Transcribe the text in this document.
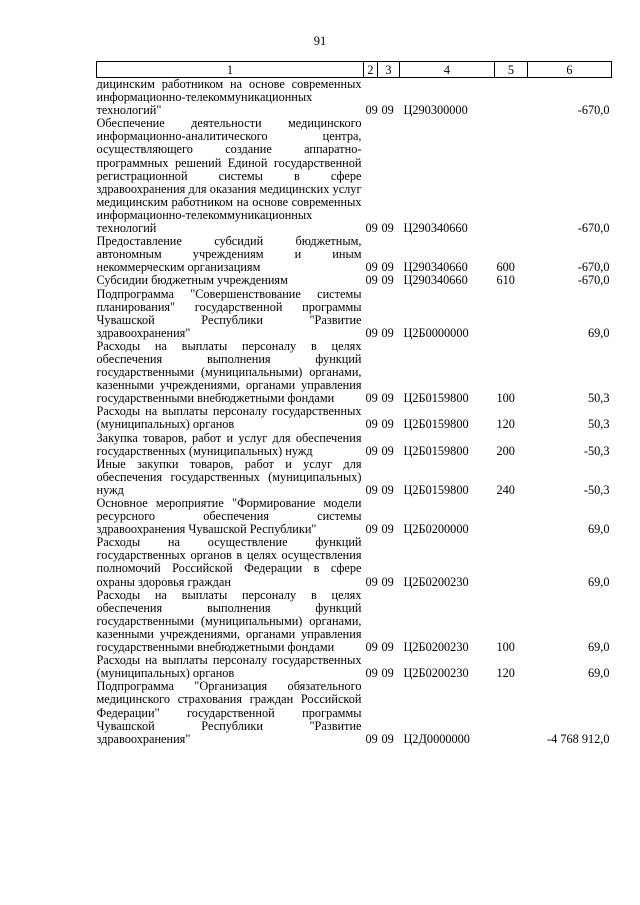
91
1	2	3	4	5	6
дицинским работником на основе современных информационно-телекоммуникационных технологий"	09	09	Ц290300000		-670,0
Обеспечение деятельности медицинского информационно-аналитического центра, осуществляющего создание аппаратно-программных решений Единой государственной регистрационной системы в сфере здравоохранения для оказания медицинских услуг медицинским работником на основе современных информационно-телекоммуникационных технологий	09	09	Ц290340660		-670,0
Предоставление субсидий бюджетным, автономным учреждениям и иным некоммерческим организациям	09	09	Ц290340660	600	-670,0
Субсидии бюджетным учреждениям	09	09	Ц290340660	610	-670,0
Подпрограмма "Совершенствование системы планирования" государственной программы Чувашской Республики "Развитие здравоохранения"	09	09	Ц2Б0000000		69,0
Расходы на выплаты персоналу в целях обеспечения выполнения функций государственными (муниципальными) органами, казенными учреждениями, органами управления государственными внебюджетными фондами	09	09	Ц2Б0159800	100	50,3
Расходы на выплаты персоналу государственных (муниципальных) органов	09	09	Ц2Б0159800	120	50,3
Закупка товаров, работ и услуг для обеспечения государственных (муниципальных) нужд	09	09	Ц2Б0159800	200	-50,3
Иные закупки товаров, работ и услуг для обеспечения государственных (муниципальных) нужд	09	09	Ц2Б0159800	240	-50,3
Основное мероприятие "Формирование модели ресурсного обеспечения системы здравоохранения Чувашской Республики"	09	09	Ц2Б0200000		69,0
Расходы на осуществление функций государственных органов в целях осуществления полномочий Российской Федерации в сфере охраны здоровья граждан	09	09	Ц2Б0200230		69,0
Расходы на выплаты персоналу в целях обеспечения выполнения функций государственными (муниципальными) органами, казенными учреждениями, органами управления государственными внебюджетными фондами	09	09	Ц2Б0200230	100	69,0
Расходы на выплаты персоналу государственных (муниципальных) органов	09	09	Ц2Б0200230	120	69,0
Подпрограмма "Организация обязательного медицинского страхования граждан Российской Федерации" государственной программы Чувашской Республики "Развитие здравоохранения"	09	09	Ц2Д0000000		-4 768 912,0
